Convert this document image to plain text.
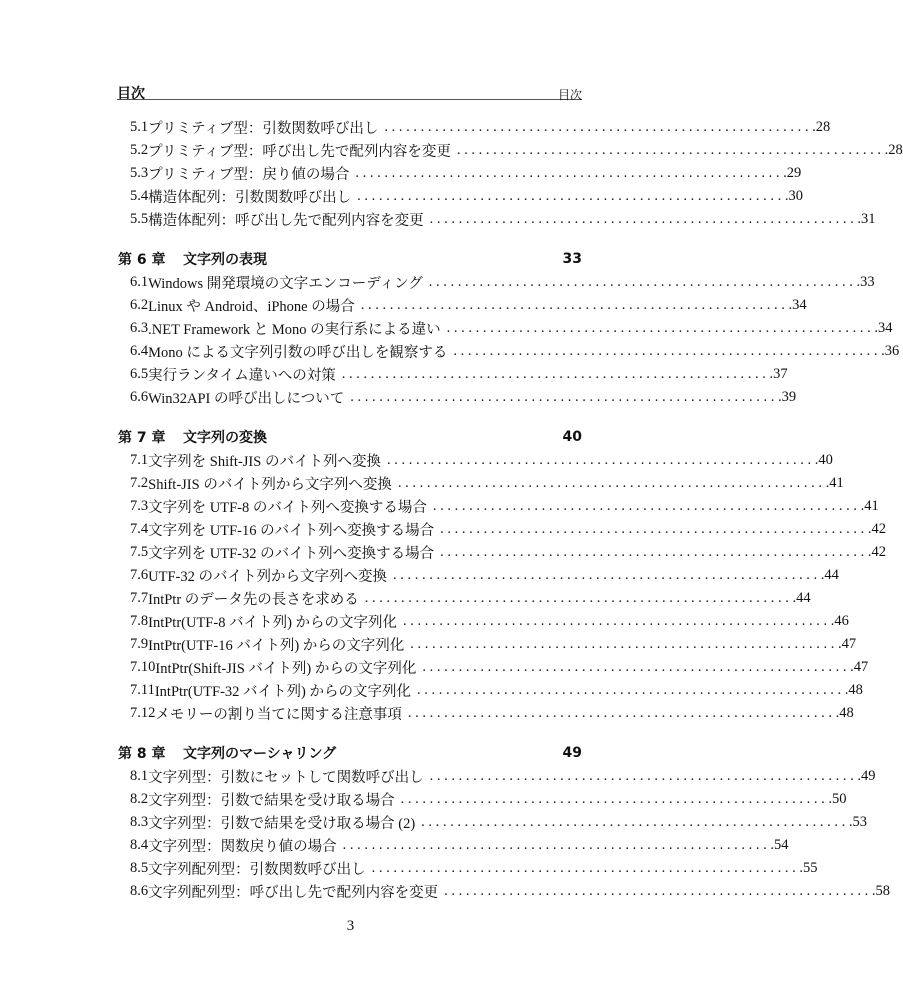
目次	目次
5.1 プリミティブ型：引数関数呼び出し . . . . . . . . . . . . . . . . . . . . . . . . . . . . . . . . . . . . . . . . . . . . . . . . . . . . . . . . . . . . 28
5.2 プリミティブ型：呼び出し先で配列内容を変更 . . . . . . . . . . . . . . . . . . . . . . . . . . . . . . . . . . . . . . . . . . . . . . . . . . . . . . . . . . . . 28
5.3 プリミティブ型：戻り値の場合 . . . . . . . . . . . . . . . . . . . . . . . . . . . . . . . . . . . . . . . . . . . . . . . . . . . . . . . . . . . . 29
5.4 構造体配列：引数関数呼び出し . . . . . . . . . . . . . . . . . . . . . . . . . . . . . . . . . . . . . . . . . . . . . . . . . . . . . . . . . . . . 30
5.5 構造体配列：呼び出し先で配列内容を変更 . . . . . . . . . . . . . . . . . . . . . . . . . . . . . . . . . . . . . . . . . . . . . . . . . . . . . . . . . . . . 31
第 6 章	文字列の表現	33
6.1 Windows 開発環境の文字エンコーディング . . . . . . . . . . . . . . . . . . . . . . . . . . . . . . . . . . . . . . . . . . . . . . . . . . . . . . . . . . . . 33
6.2 Linux や Android、iPhone の場合 . . . . . . . . . . . . . . . . . . . . . . . . . . . . . . . . . . . . . . . . . . . . . . . . . . . . . . . . . . . . 34
6.3 .NET Framework と Mono の実行系による違い . . . . . . . . . . . . . . . . . . . . . . . . . . . . . . . . . . . . . . . . . . . . . . . . . . . . . . . . . . . . 34
6.4 Mono による文字列引数の呼び出しを観察する . . . . . . . . . . . . . . . . . . . . . . . . . . . . . . . . . . . . . . . . . . . . . . . . . . . . . . . . . . . . 36
6.5 実行ランタイム違いへの対策 . . . . . . . . . . . . . . . . . . . . . . . . . . . . . . . . . . . . . . . . . . . . . . . . . . . . . . . . . . . . 37
6.6 Win32API の呼び出しについて . . . . . . . . . . . . . . . . . . . . . . . . . . . . . . . . . . . . . . . . . . . . . . . . . . . . . . . . . . . . 39
第 7 章	文字列の変換	40
7.1 文字列を Shift-JIS のバイト列へ変換 . . . . . . . . . . . . . . . . . . . . . . . . . . . . . . . . . . . . . . . . . . . . . . . . . . . . . . . . . . . . 40
7.2 Shift-JIS のバイト列から文字列へ変換 . . . . . . . . . . . . . . . . . . . . . . . . . . . . . . . . . . . . . . . . . . . . . . . . . . . . . . . . . . . . 41
7.3 文字列を UTF-8 のバイト列へ変換する場合 . . . . . . . . . . . . . . . . . . . . . . . . . . . . . . . . . . . . . . . . . . . . . . . . . . . . . . . . . . . . 41
7.4 文字列を UTF-16 のバイト列へ変換する場合 . . . . . . . . . . . . . . . . . . . . . . . . . . . . . . . . . . . . . . . . . . . . . . . . . . . . . . . . . . . . 42
7.5 文字列を UTF-32 のバイト列へ変換する場合 . . . . . . . . . . . . . . . . . . . . . . . . . . . . . . . . . . . . . . . . . . . . . . . . . . . . . . . . . . . . 42
7.6 UTF-32 のバイト列から文字列へ変換 . . . . . . . . . . . . . . . . . . . . . . . . . . . . . . . . . . . . . . . . . . . . . . . . . . . . . . . . . . . . 44
7.7 IntPtr のデータ先の長さを求める . . . . . . . . . . . . . . . . . . . . . . . . . . . . . . . . . . . . . . . . . . . . . . . . . . . . . . . . . . . . 44
7.8 IntPtr(UTF-8 バイト列) からの文字列化 . . . . . . . . . . . . . . . . . . . . . . . . . . . . . . . . . . . . . . . . . . . . . . . . . . . . . . . . . . . . 46
7.9 IntPtr(UTF-16 バイト列) からの文字列化 . . . . . . . . . . . . . . . . . . . . . . . . . . . . . . . . . . . . . . . . . . . . . . . . . . . . . . . . . . . . 47
7.10 IntPtr(Shift-JIS バイト列) からの文字列化 . . . . . . . . . . . . . . . . . . . . . . . . . . . . . . . . . . . . . . . . . . . . . . . . . . . . . . . . . . . . 47
7.11 IntPtr(UTF-32 バイト列) からの文字列化 . . . . . . . . . . . . . . . . . . . . . . . . . . . . . . . . . . . . . . . . . . . . . . . . . . . . . . . . . . . . 48
7.12 メモリーの割り当てに関する注意事項 . . . . . . . . . . . . . . . . . . . . . . . . . . . . . . . . . . . . . . . . . . . . . . . . . . . . . . . . . . . . 48
第 8 章	文字列のマーシャリング	49
8.1 文字列型：引数にセットして関数呼び出し . . . . . . . . . . . . . . . . . . . . . . . . . . . . . . . . . . . . . . . . . . . . . . . . . . . . . . . . . . . . 49
8.2 文字列型：引数で結果を受け取る場合 . . . . . . . . . . . . . . . . . . . . . . . . . . . . . . . . . . . . . . . . . . . . . . . . . . . . . . . . . . . . 50
8.3 文字列型：引数で結果を受け取る場合 (2) . . . . . . . . . . . . . . . . . . . . . . . . . . . . . . . . . . . . . . . . . . . . . . . . . . . . . . . . . . . . 53
8.4 文字列型：関数戻り値の場合 . . . . . . . . . . . . . . . . . . . . . . . . . . . . . . . . . . . . . . . . . . . . . . . . . . . . . . . . . . . . 54
8.5 文字列配列型：引数関数呼び出し . . . . . . . . . . . . . . . . . . . . . . . . . . . . . . . . . . . . . . . . . . . . . . . . . . . . . . . . . . . . 55
8.6 文字列配列型：呼び出し先で配列内容を変更 . . . . . . . . . . . . . . . . . . . . . . . . . . . . . . . . . . . . . . . . . . . . . . . . . . . . . . . . . . . . 58
3
